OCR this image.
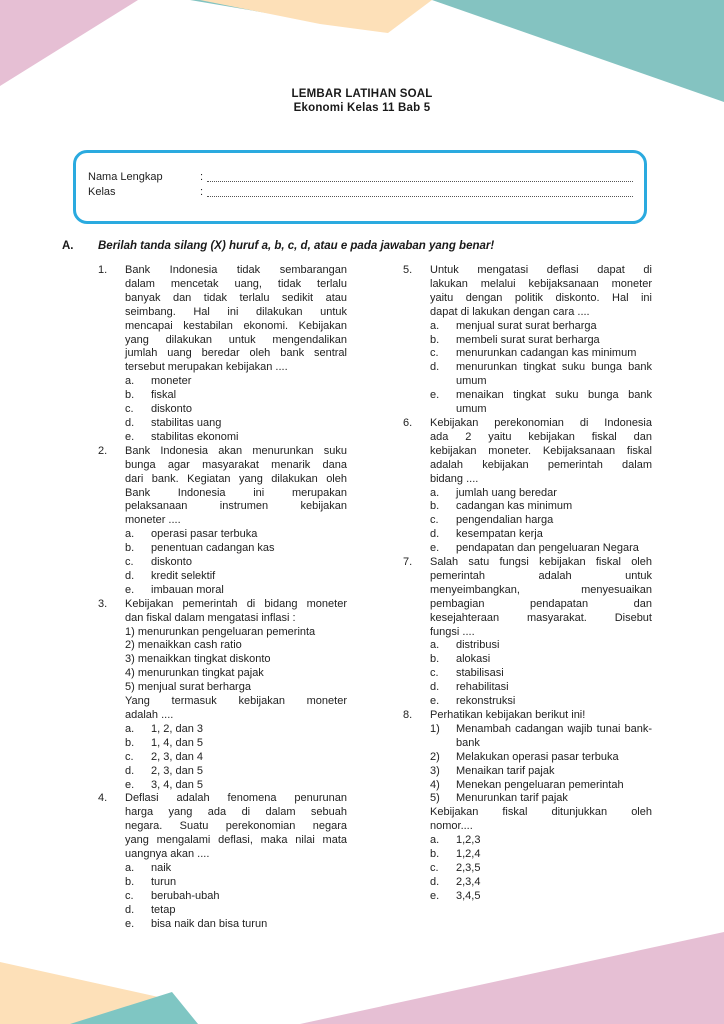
LEMBAR LATIHAN SOAL
Ekonomi Kelas 11 Bab 5
Nama Lengkap	:
Kelas	:
A.	Berilah tanda silang (X) huruf a, b, c, d, atau e pada jawaban yang benar!
1.	Bank Indonesia tidak sembarangan
dalam mencetak uang, tidak terlalu
banyak dan tidak terlalu sedikit atau
seimbang. Hal ini dilakukan untuk
mencapai kestabilan ekonomi. Kebijakan
yang dilakukan untuk mengendalikan
jumlah uang beredar oleh bank sentral
tersebut merupakan kebijakan ....
a.	moneter
b.	fiskal
c.	diskonto
d.	stabilitas uang
e.	stabilitas ekonomi
2.	Bank Indonesia akan menurunkan suku
bunga agar masyarakat menarik dana
dari bank. Kegiatan yang dilakukan oleh
Bank Indonesia ini merupakan
pelaksanaan instrumen kebijakan
moneter ....
a.	operasi pasar terbuka
b.	penentuan cadangan kas
c.	diskonto
d.	kredit selektif
e.	imbauan moral
3.	Kebijakan pemerintah di bidang moneter
dan fiskal dalam mengatasi inflasi :
1) menurunkan pengeluaran pemerinta
2) menaikkan cash ratio
3) menaikkan tingkat diskonto
4) menurunkan tingkat pajak
5) menjual surat berharga
Yang termasuk kebijakan moneter
adalah ....
a.	1, 2, dan 3
b.	1, 4, dan 5
c.	2, 3, dan 4
d.	2, 3, dan 5
e.	3, 4, dan 5
4.	Deflasi adalah fenomena penurunan
harga yang ada di dalam sebuah
negara. Suatu perekonomian negara
yang mengalami deflasi, maka nilai mata
uangnya akan ....
a.	naik
b.	turun
c.	berubah-ubah
d.	tetap
e.	bisa naik dan bisa turun
5.	Untuk mengatasi deflasi dapat di
lakukan melalui kebijaksanaan moneter
yaitu dengan politik diskonto. Hal ini
dapat di lakukan dengan cara ....
a.	menjual surat surat berharga
b.	membeli surat surat berharga
c.	menurunkan cadangan kas minimum
d.	menurunkan tingkat suku bunga bank umum
e.	menaikan tingkat suku bunga bank umum
6.	Kebijakan perekonomian di Indonesia
ada 2 yaitu kebijakan fiskal dan
kebijakan moneter. Kebijaksanaan fiskal
adalah kebijakan pemerintah dalam
bidang ....
a.	jumlah uang beredar
b.	cadangan kas minimum
c.	pengendalian harga
d.	kesempatan kerja
e.	pendapatan dan pengeluaran Negara
7.	Salah satu fungsi kebijakan fiskal oleh
pemerintah adalah untuk
menyeimbangkan, menyesuaikan
pembagian pendapatan dan
kesejahteraan masyarakat. Disebut
fungsi ....
a.	distribusi
b.	alokasi
c.	stabilisasi
d.	rehabilitasi
e.	rekonstruksi
8.	Perhatikan kebijakan berikut ini!
1)	Menambah cadangan wajib tunai bank-bank
2)	Melakukan operasi pasar terbuka
3)	Menaikan tarif pajak
4)	Menekan pengeluaran pemerintah
5)	Menurunkan tarif pajak
Kebijakan fiskal ditunjukkan oleh
nomor....
a.	1,2,3
b.	1,2,4
c.	2,3,5
d.	2,3,4
e.	3,4,5
